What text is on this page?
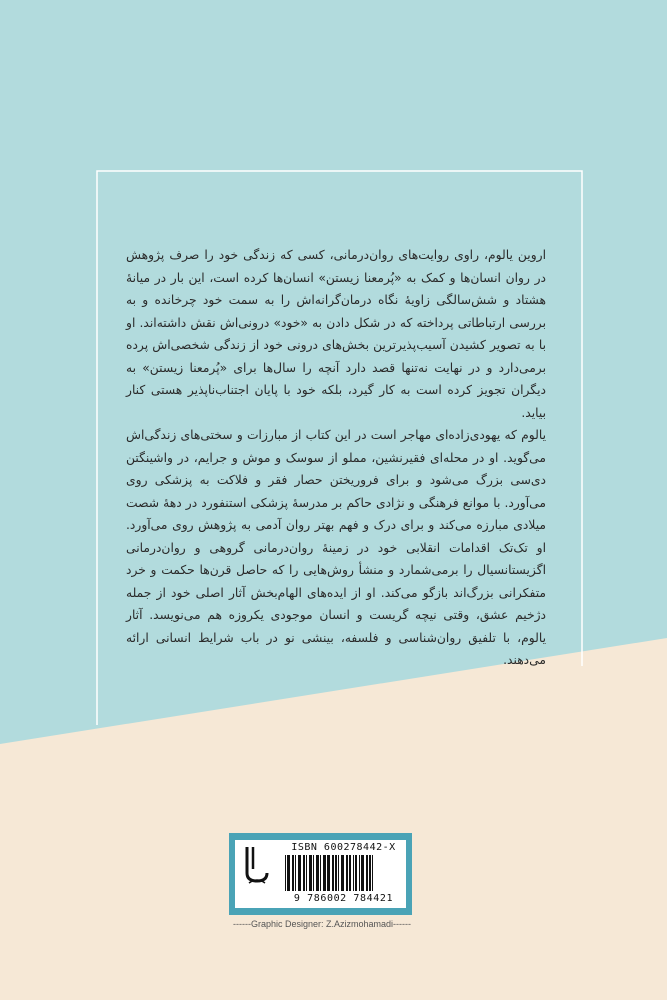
اروین یالوم، راوی روایت‌های روان‌درمانی، کسی که زندگی خود را صرف پژوهش در روان انسان‌ها و کمک به «پُرمعنا زیستن» انسان‌ها کرده است، این بار در میانهٔ هشتاد و شش‌سالگی زاویهٔ نگاه درمان‌گرانه‌اش را به سمت خود چرخانده و به بررسی ارتباطاتی پرداخته که در شکل دادن به «خود» درونی‌اش نقش داشته‌اند. او با به تصویر کشیدن آسیب‌پذیرترین بخش‌های درونی خود از زندگی شخصی‌اش پرده برمی‌دارد و در نهایت نه‌تنها قصد دارد آنچه را سال‌ها برای «پُرمعنا زیستن» به دیگران تجویز کرده است به کار گیرد، بلکه خود با پایان اجتناب‌ناپذیر هستی کنار بیاید.

یالوم که یهودی‌زاده‌ای مهاجر است در این کتاب از مبارزات و سختی‌های زندگی‌اش می‌گوید. او در محله‌ای فقیرنشین، مملو از سوسک و موش و جرایم، در واشینگتن دی‌سی بزرگ می‌شود و برای فروریختن حصار فقر و فلاکت به پزشکی روی می‌آورد. با موانع فرهنگی و نژادی حاکم بر مدرسهٔ پزشکی استنفورد در دههٔ شصت میلادی مبارزه می‌کند و برای درک و فهم بهتر روان آدمی به پژوهش روی می‌آورد. او تک‌تک اقدامات انقلابی خود در زمینهٔ روان‌درمانی گروهی و روان‌درمانی اگزیستانسیال را برمی‌شمارد و منشأ روش‌هایی را که حاصل قرن‌ها حکمت و خرد متفکرانی بزرگ‌اند بازگو می‌کند. او از ایده‌های الهام‌بخش آثار اصلی خود از جمله دژخیم عشق، وقتی نیچه گریست و انسان موجودی یکروزه هم می‌نویسد. آثار یالوم، با تلفیق روان‌شناسی و فلسفه، بینشی نو در باب شرایط انسانی ارائه می‌دهند.

ISBN 600278442-X
9 786002 784421
------Graphic Designer: Z.Azizmohamadi------
